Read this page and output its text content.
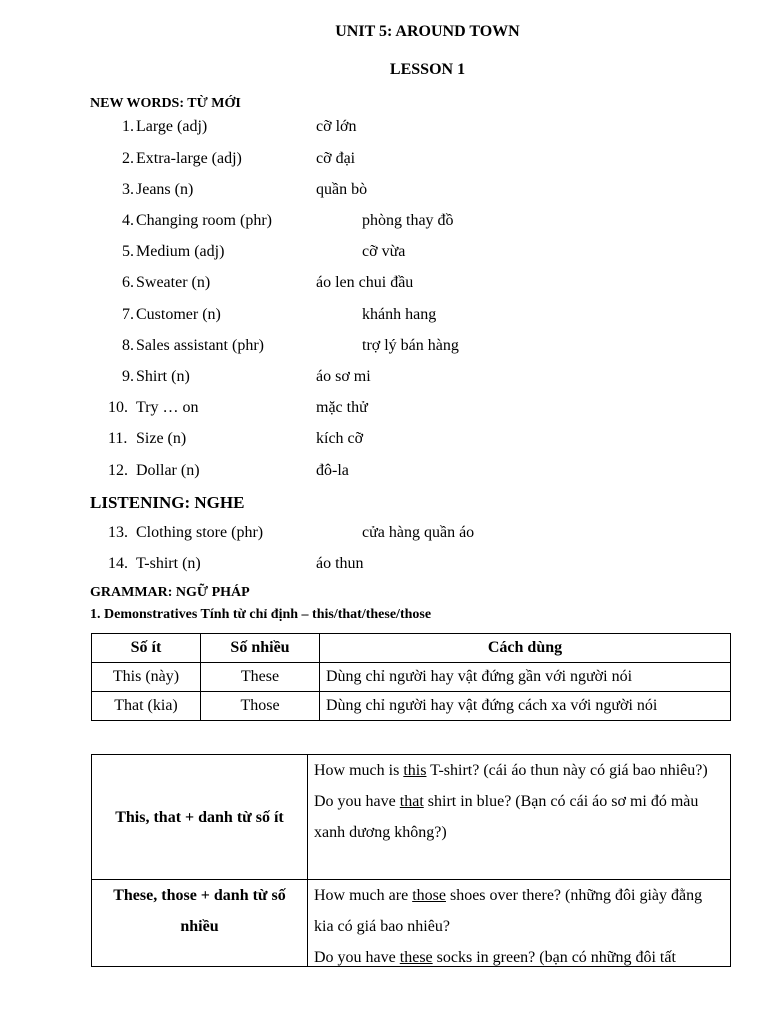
UNIT 5: AROUND TOWN
LESSON 1
NEW WORDS: TỪ MỚI
1. Large (adj)	cỡ lớn
2. Extra-large (adj)	cỡ đại
3. Jeans (n)	quần bò
4. Changing room (phr)	phòng thay đồ
5. Medium (adj)	cỡ vừa
6. Sweater (n)	áo len chui đầu
7. Customer (n)	khánh hang
8. Sales assistant (phr)	trợ lý bán hàng
9. Shirt (n)	áo sơ mi
10. Try … on	mặc thử
11. Size (n)	kích cỡ
12. Dollar (n)	đô-la
LISTENING: NGHE
13. Clothing store (phr)	cửa hàng quần áo
14. T-shirt (n)	áo thun
GRAMMAR: NGỮ PHÁP
1. Demonstratives Tính từ chỉ định – this/that/these/those
Số ít	Số nhiều	Cách dùng
This (này)	These	Dùng chỉ người hay vật đứng gần với người nói
That (kia)	Those	Dùng chỉ người hay vật đứng cách xa với người nói
This, that + danh từ số ít	How much is this T-shirt? (cái áo thun này có giá bao nhiêu?)
Do you have that shirt in blue? (Bạn có cái áo sơ mi đó màu xanh dương không?)

These, those + danh từ số nhiều	How much are those shoes over there? (những đôi giày đằng kia có giá bao nhiêu?
Do you have these socks in green? (bạn có những đôi tất
